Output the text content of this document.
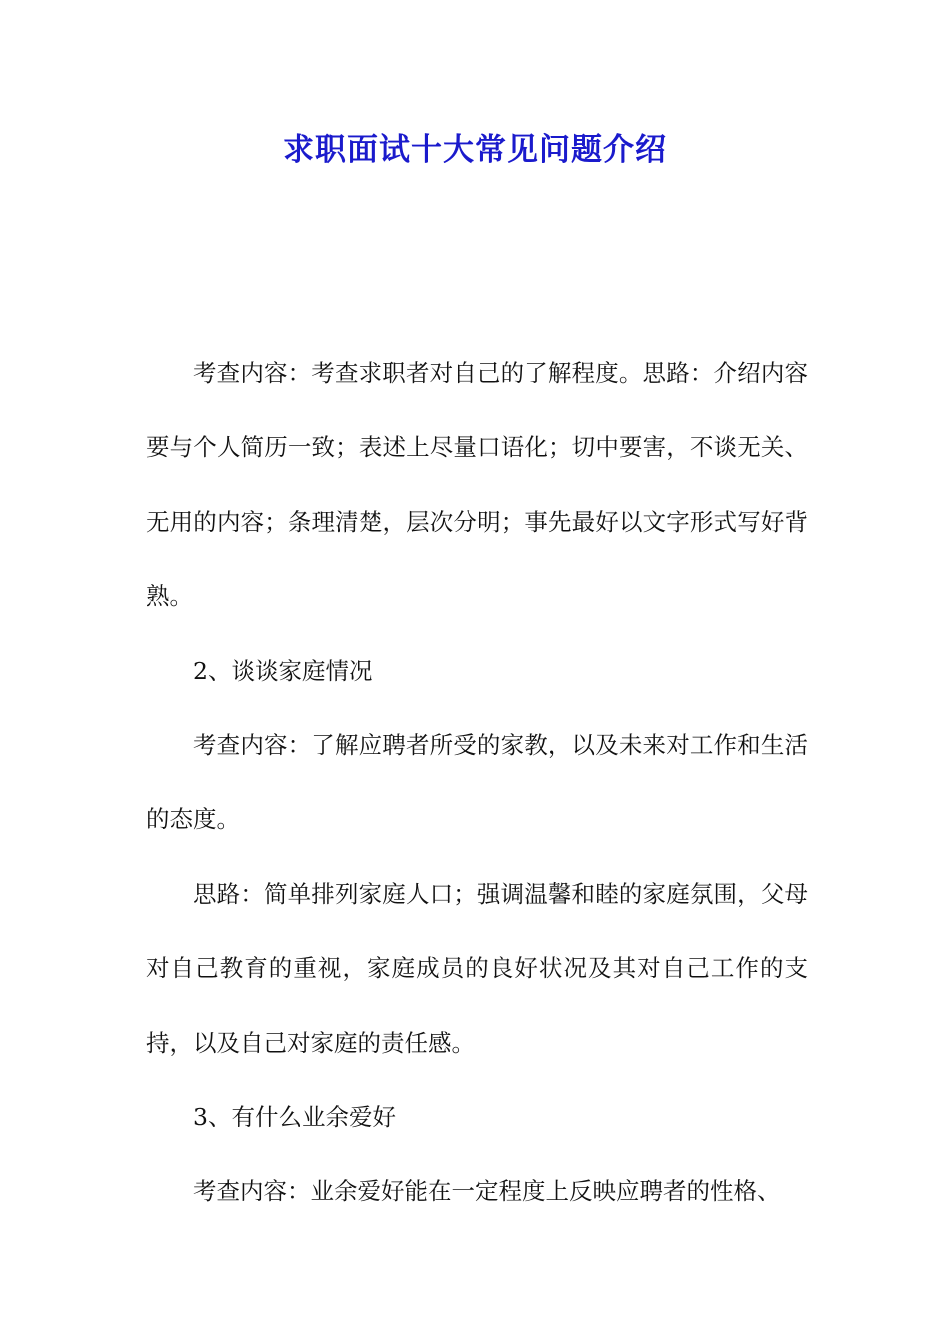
求职面试十大常见问题介绍

考查内容：考查求职者对自己的了解程度。思路：介绍内容要与个人简历一致；表述上尽量口语化；切中要害，不谈无关、无用的内容；条理清楚，层次分明；事先最好以文字形式写好背熟。

2、谈谈家庭情况

考查内容：了解应聘者所受的家教，以及未来对工作和生活的态度。

思路：简单排列家庭人口；强调温馨和睦的家庭氛围，父母对自己教育的重视，家庭成员的良好状况及其对自己工作的支持，以及自己对家庭的责任感。

3、有什么业余爱好

考查内容：业余爱好能在一定程度上反映应聘者的性格、
